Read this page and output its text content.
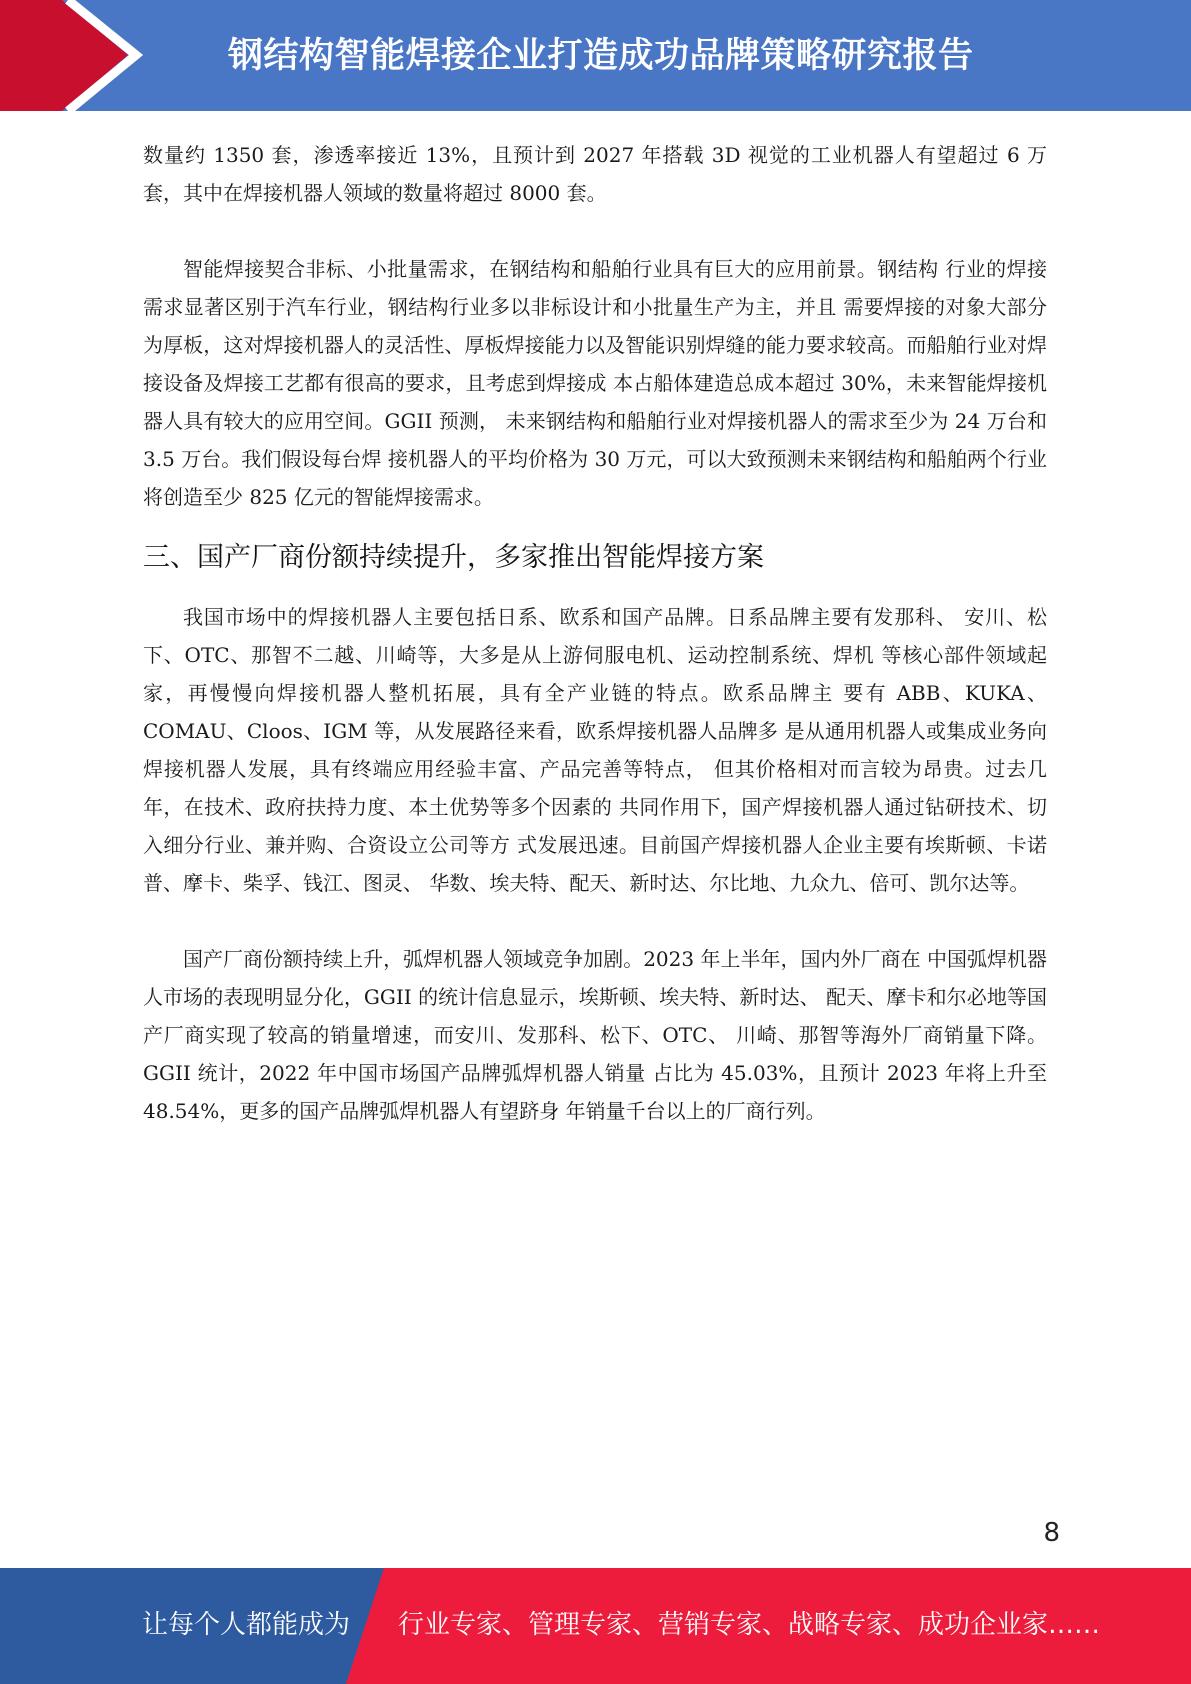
钢结构智能焊接企业打造成功品牌策略研究报告

数量约 1350 套，渗透率接近 13%，且预计到 2027 年搭载 3D 视觉的工业机器人有望超过 6 万套，其中在焊接机器人领域的数量将超过 8000 套。

智能焊接契合非标、小批量需求，在钢结构和船舶行业具有巨大的应用前景。钢结构 行业的焊接需求显著区别于汽车行业，钢结构行业多以非标设计和小批量生产为主，并且 需要焊接的对象大部分为厚板，这对焊接机器人的灵活性、厚板焊接能力以及智能识别焊缝的能力要求较高。而船舶行业对焊接设备及焊接工艺都有很高的要求，且考虑到焊接成 本占船体建造总成本超过 30%，未来智能焊接机器人具有较大的应用空间。GGII 预测， 未来钢结构和船舶行业对焊接机器人的需求至少为 24 万台和 3.5 万台。我们假设每台焊 接机器人的平均价格为 30 万元，可以大致预测未来钢结构和船舶两个行业将创造至少 825 亿元的智能焊接需求。

三、国产厂商份额持续提升，多家推出智能焊接方案

我国市场中的焊接机器人主要包括日系、欧系和国产品牌。日系品牌主要有发那科、 安川、松下、OTC、那智不二越、川崎等，大多是从上游伺服电机、运动控制系统、焊机 等核心部件领域起家，再慢慢向焊接机器人整机拓展，具有全产业链的特点。欧系品牌主 要有 ABB、KUKA、COMAU、Cloos、IGM 等，从发展路径来看，欧系焊接机器人品牌多 是从通用机器人或集成业务向焊接机器人发展，具有终端应用经验丰富、产品完善等特点， 但其价格相对而言较为昂贵。过去几年，在技术、政府扶持力度、本土优势等多个因素的 共同作用下，国产焊接机器人通过钻研技术、切入细分行业、兼并购、合资设立公司等方 式发展迅速。目前国产焊接机器人企业主要有埃斯顿、卡诺普、摩卡、柴孚、钱江、图灵、 华数、埃夫特、配天、新时达、尔比地、九众九、倍可、凯尔达等。

国产厂商份额持续上升，弧焊机器人领域竞争加剧。2023 年上半年，国内外厂商在 中国弧焊机器人市场的表现明显分化，GGII 的统计信息显示，埃斯顿、埃夫特、新时达、 配天、摩卡和尔必地等国产厂商实现了较高的销量增速，而安川、发那科、松下、OTC、 川崎、那智等海外厂商销量下降。GGII 统计，2022 年中国市场国产品牌弧焊机器人销量 占比为 45.03%，且预计 2023 年将上升至 48.54%，更多的国产品牌弧焊机器人有望跻身 年销量千台以上的厂商行列。

8
让每个人都能成为 行业专家、管理专家、营销专家、战略专家、成功企业家……
